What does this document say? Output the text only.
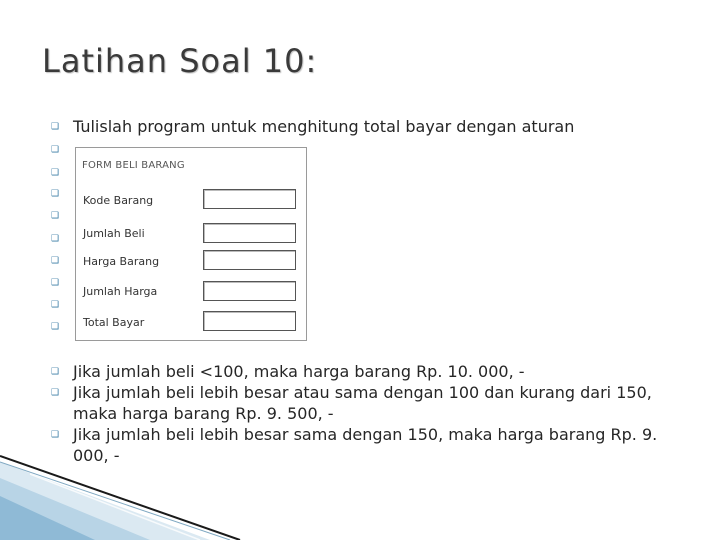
Latihan Soal 10:
❑
❑
❑
❑
❑
❑
❑
❑
❑
❑
❑
❑
❑
Tulislah program untuk menghitung total bayar dengan aturan
FORM BELI BARANG
Kode Barang
Jumlah Beli
Harga Barang
Jumlah Harga
Total Bayar
Jika jumlah beli <100, maka harga barang Rp. 10. 000, -
Jika jumlah beli lebih besar atau sama dengan 100 dan kurang dari 150, maka harga barang Rp. 9. 500, -
Jika jumlah beli lebih besar sama dengan 150, maka harga barang Rp. 9. 000, -
